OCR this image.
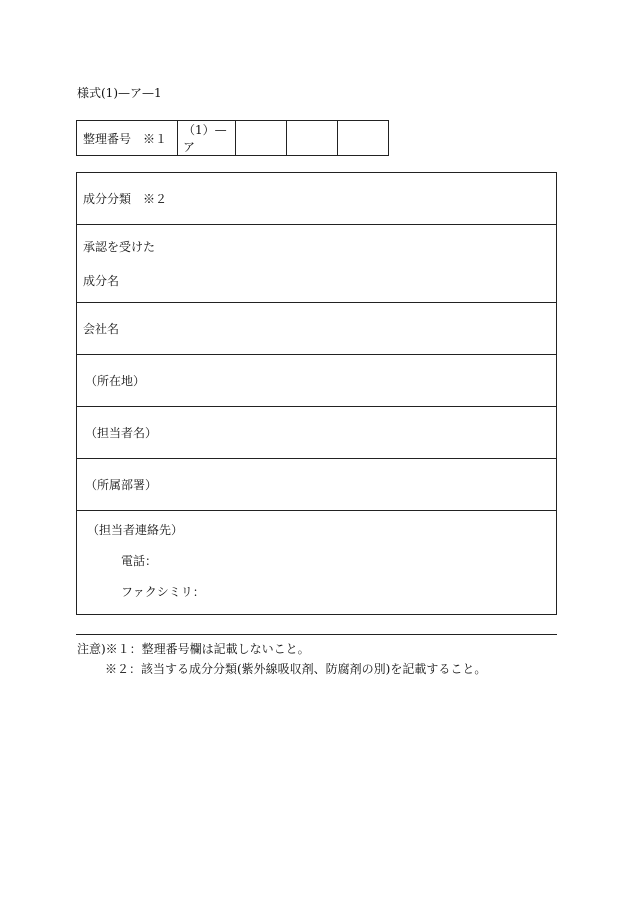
様式(1)—ア—1
整理番号　※１	（1）—ア			
成分分類　※２

承認を受けた
成分名

会社名
（所在地）
（担当者名）
（所属部署）

（担当者連絡先）
電話：
ファクシミリ：
注意)※１：整理番号欄は記載しないこと。
※２：該当する成分分類(紫外線吸収剤、防腐剤の別)を記載すること。
